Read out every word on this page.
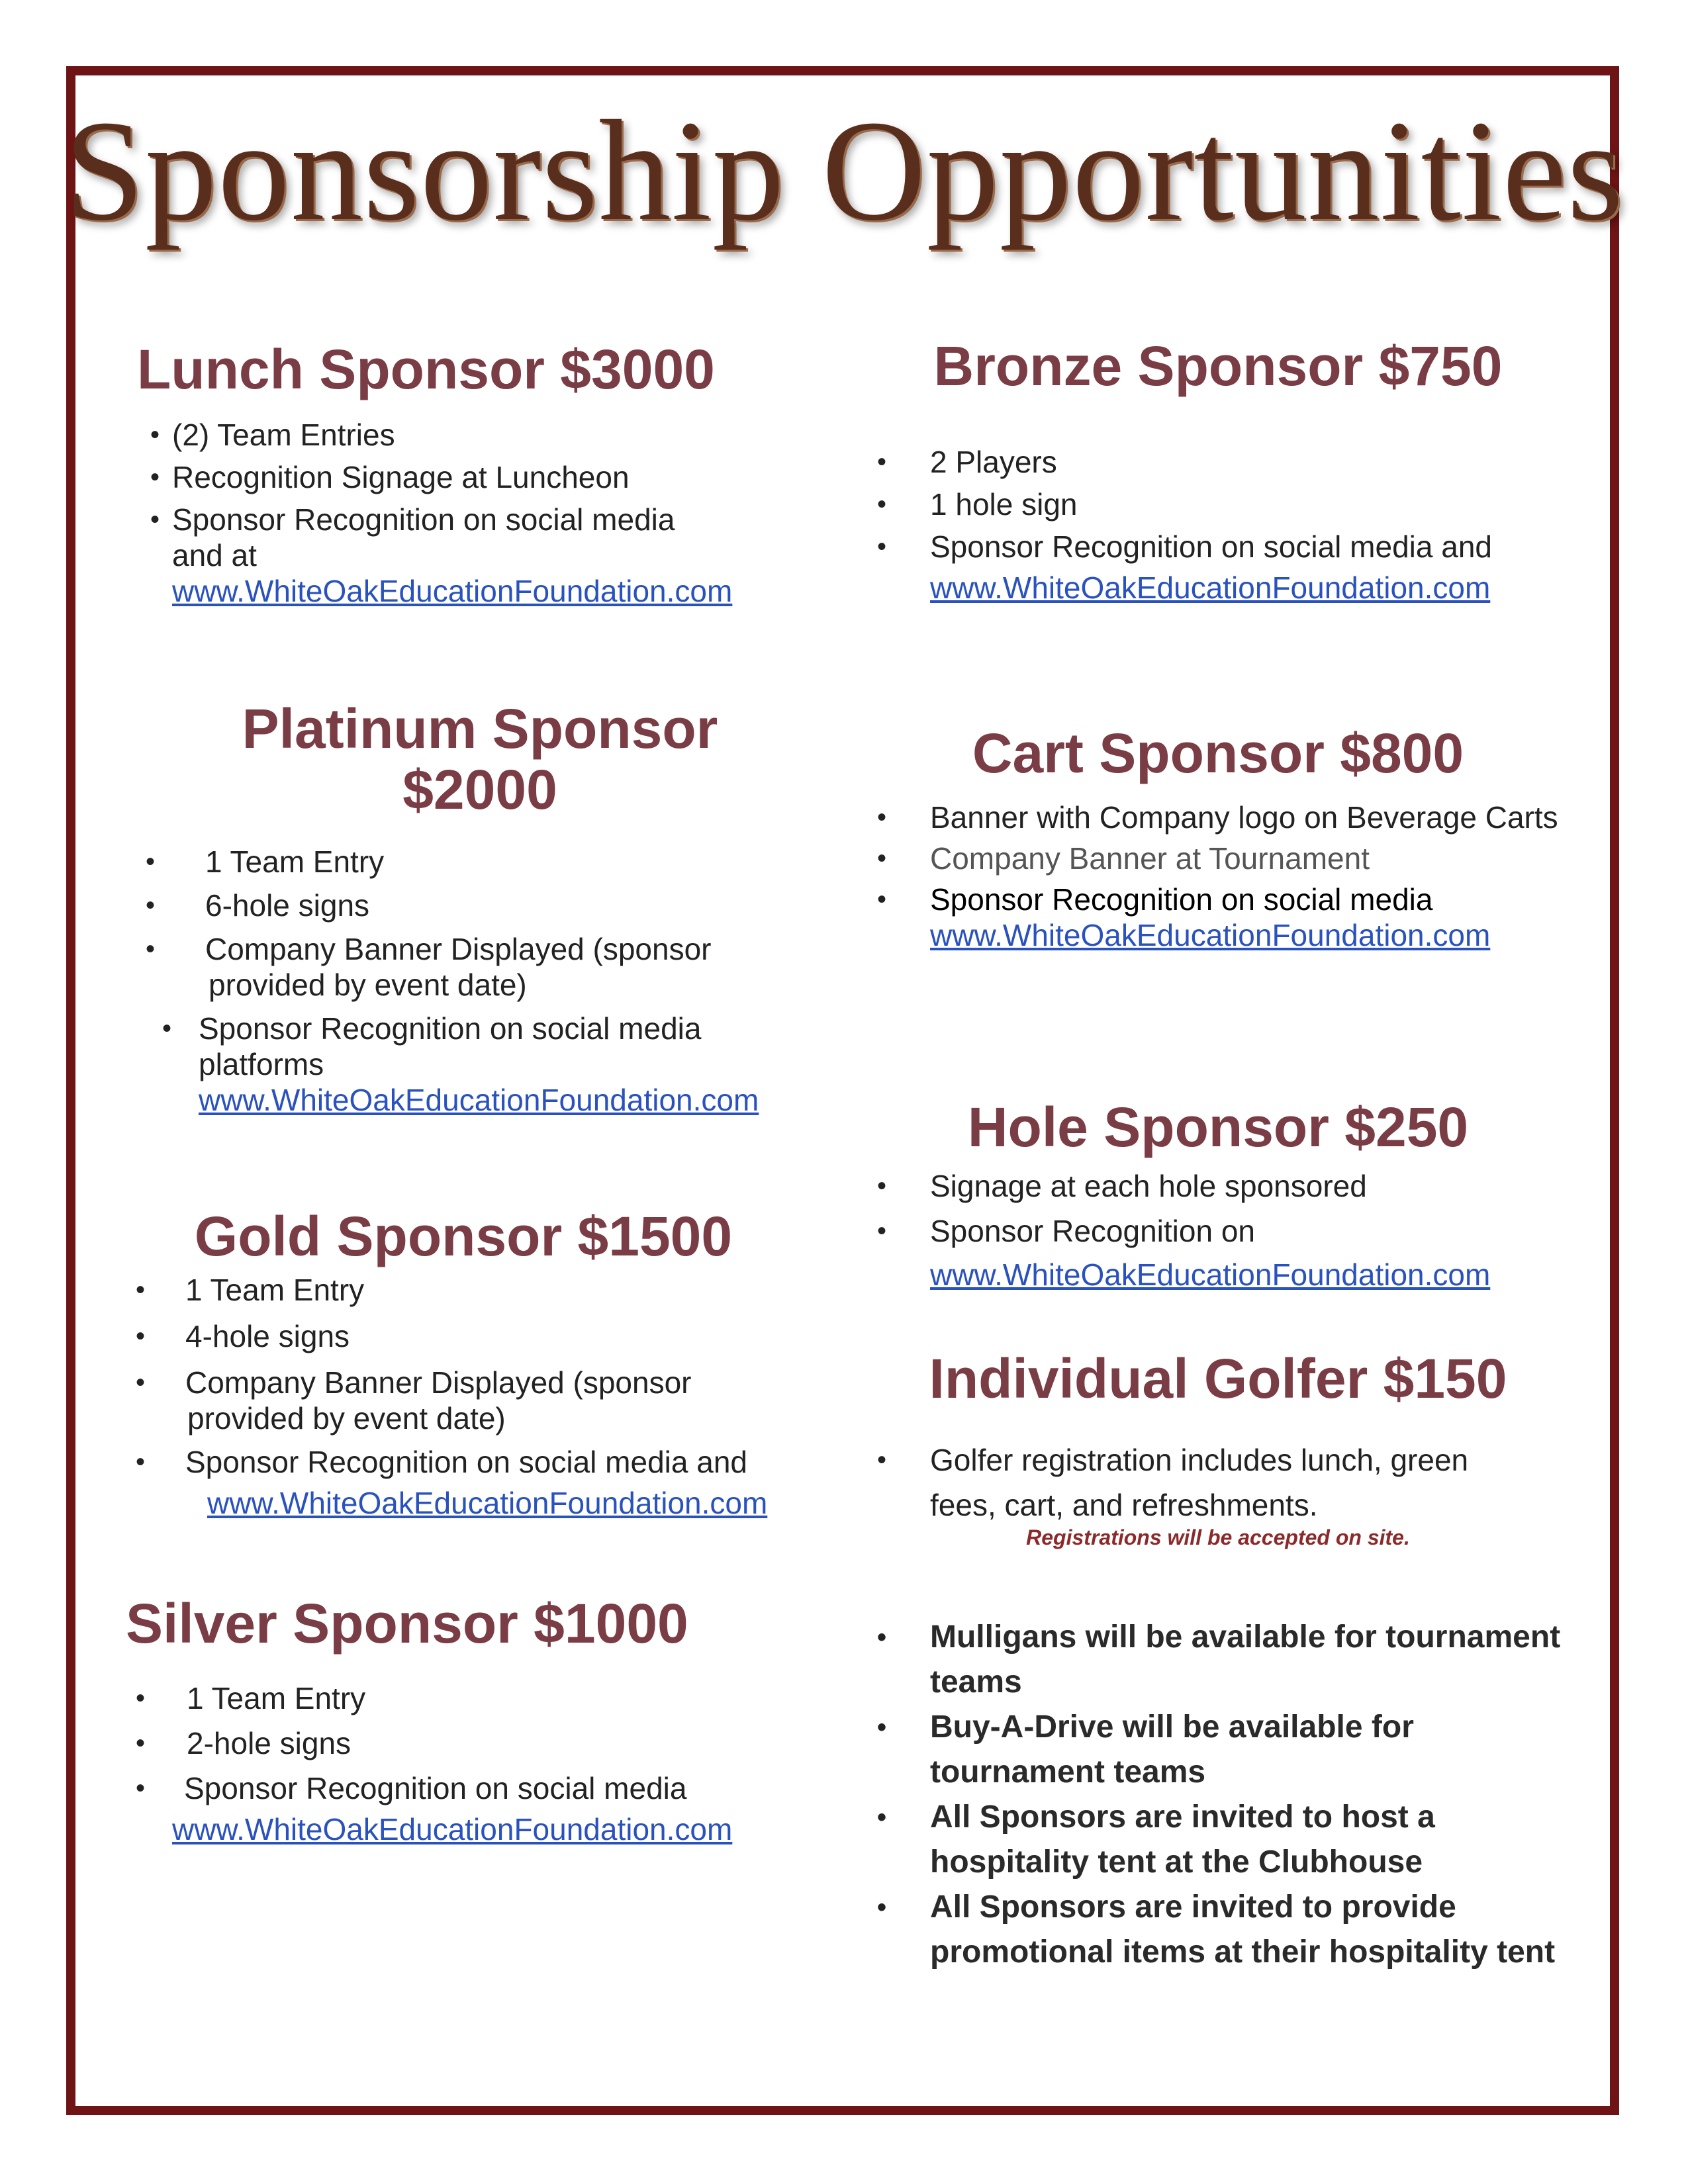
Sponsorship Opportunities
Lunch Sponsor $3000
• (2) Team Entries
• Recognition Signage at Luncheon
• Sponsor Recognition on social media
and at
www.WhiteOakEducationFoundation.com
Platinum Sponsor
$2000
• 1 Team Entry
• 6-hole signs
• Company Banner Displayed (sponsor
provided by event date)
• Sponsor Recognition on social media
platforms
www.WhiteOakEducationFoundation.com
Gold Sponsor $1500
• 1 Team Entry
• 4-hole signs
• Company Banner Displayed (sponsor
provided by event date)
• Sponsor Recognition on social media and
www.WhiteOakEducationFoundation.com
Silver Sponsor $1000
• 1 Team Entry
• 2-hole signs
• Sponsor Recognition on social media
www.WhiteOakEducationFoundation.com
Bronze Sponsor $750
• 2 Players
• 1 hole sign
• Sponsor Recognition on social media and
www.WhiteOakEducationFoundation.com
Cart Sponsor $800
• Banner with Company logo on Beverage Carts
• Company Banner at Tournament
• Sponsor Recognition on social media
www.WhiteOakEducationFoundation.com
Hole Sponsor $250
• Signage at each hole sponsored
• Sponsor Recognition on
www.WhiteOakEducationFoundation.com
Individual Golfer $150
• Golfer registration includes lunch, green
fees, cart, and refreshments.
Registrations will be accepted on site.
• Mulligans will be available for tournament
teams
• Buy-A-Drive will be available for
tournament teams
• All Sponsors are invited to host a
hospitality tent at the Clubhouse
• All Sponsors are invited to provide
promotional items at their hospitality tent
